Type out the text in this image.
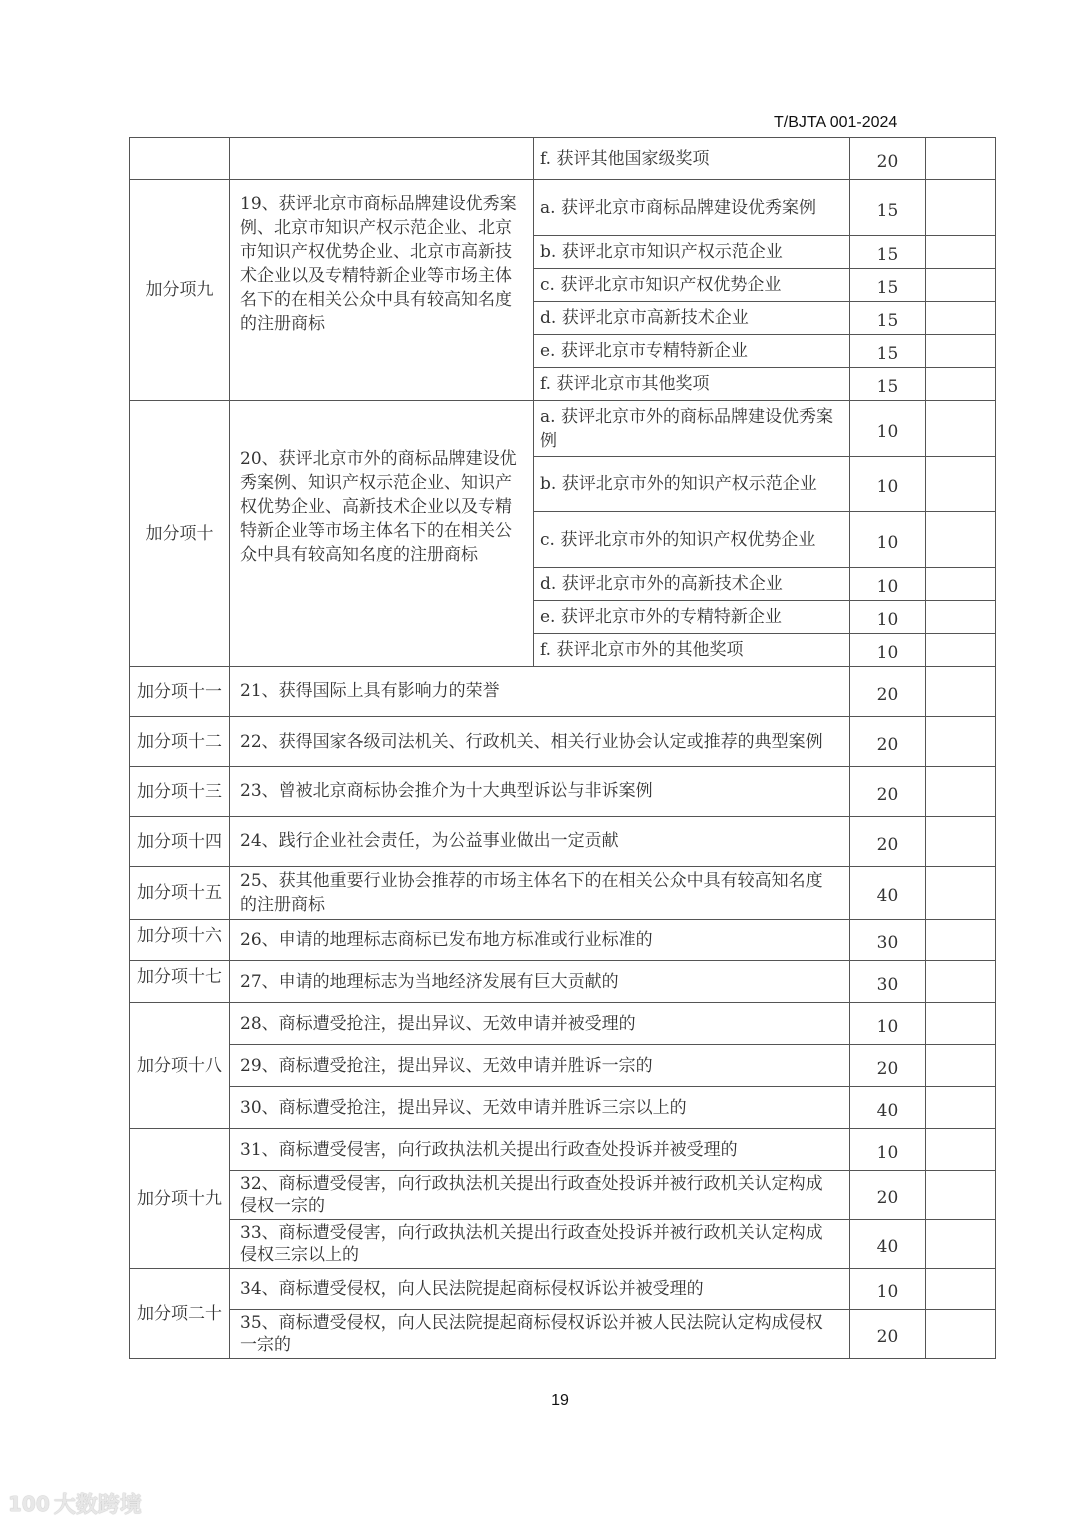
T/BJTA 001-2024
		f. 获评其他国家级奖项	20	
加分项九	19、获评北京市商标品牌建设优秀案例、北京市知识产权示范企业、北京市知识产权优势企业、北京市高新技术企业以及专精特新企业等市场主体名下的在相关公众中具有较高知名度的注册商标	a. 获评北京市商标品牌建设优秀案例	15	
		b. 获评北京市知识产权示范企业	15	
		c. 获评北京市知识产权优势企业	15	
		d. 获评北京市高新技术企业	15	
		e. 获评北京市专精特新企业	15	
		f. 获评北京市其他奖项	15	
加分项十	20、获评北京市外的商标品牌建设优秀案例、知识产权示范企业、知识产权优势企业、高新技术企业以及专精特新企业等市场主体名下的在相关公众中具有较高知名度的注册商标	a. 获评北京市外的商标品牌建设优秀案例	10	
		b. 获评北京市外的知识产权示范企业	10	
		c. 获评北京市外的知识产权优势企业	10	
		d. 获评北京市外的高新技术企业	10	
		e. 获评北京市外的专精特新企业	10	
		f. 获评北京市外的其他奖项	10	
加分项十一	21、获得国际上具有影响力的荣誉		20	
加分项十二	22、获得国家各级司法机关、行政机关、相关行业协会认定或推荐的典型案例		20	
加分项十三	23、曾被北京商标协会推介为十大典型诉讼与非诉案例		20	
加分项十四	24、践行企业社会责任，为公益事业做出一定贡献		20	
加分项十五	25、获其他重要行业协会推荐的市场主体名下的在相关公众中具有较高知名度的注册商标		40	
加分项十六	26、申请的地理标志商标已发布地方标准或行业标准的		30	
加分项十七	27、申请的地理标志为当地经济发展有巨大贡献的		30	
加分项十八	28、商标遭受抢注，提出异议、无效申请并被受理的		10	
	29、商标遭受抢注，提出异议、无效申请并胜诉一宗的		20	
	30、商标遭受抢注，提出异议、无效申请并胜诉三宗以上的		40	
加分项十九	31、商标遭受侵害，向行政执法机关提出行政查处投诉并被受理的		10	
	32、商标遭受侵害，向行政执法机关提出行政查处投诉并被行政机关认定构成侵权一宗的		20	
	33、商标遭受侵害，向行政执法机关提出行政查处投诉并被行政机关认定构成侵权三宗以上的		40	
加分项二十	34、商标遭受侵权，向人民法院提起商标侵权诉讼并被受理的		10	
	35、商标遭受侵权，向人民法院提起商标侵权诉讼并被人民法院认定构成侵权一宗的		20	
19
100 大数跨境
